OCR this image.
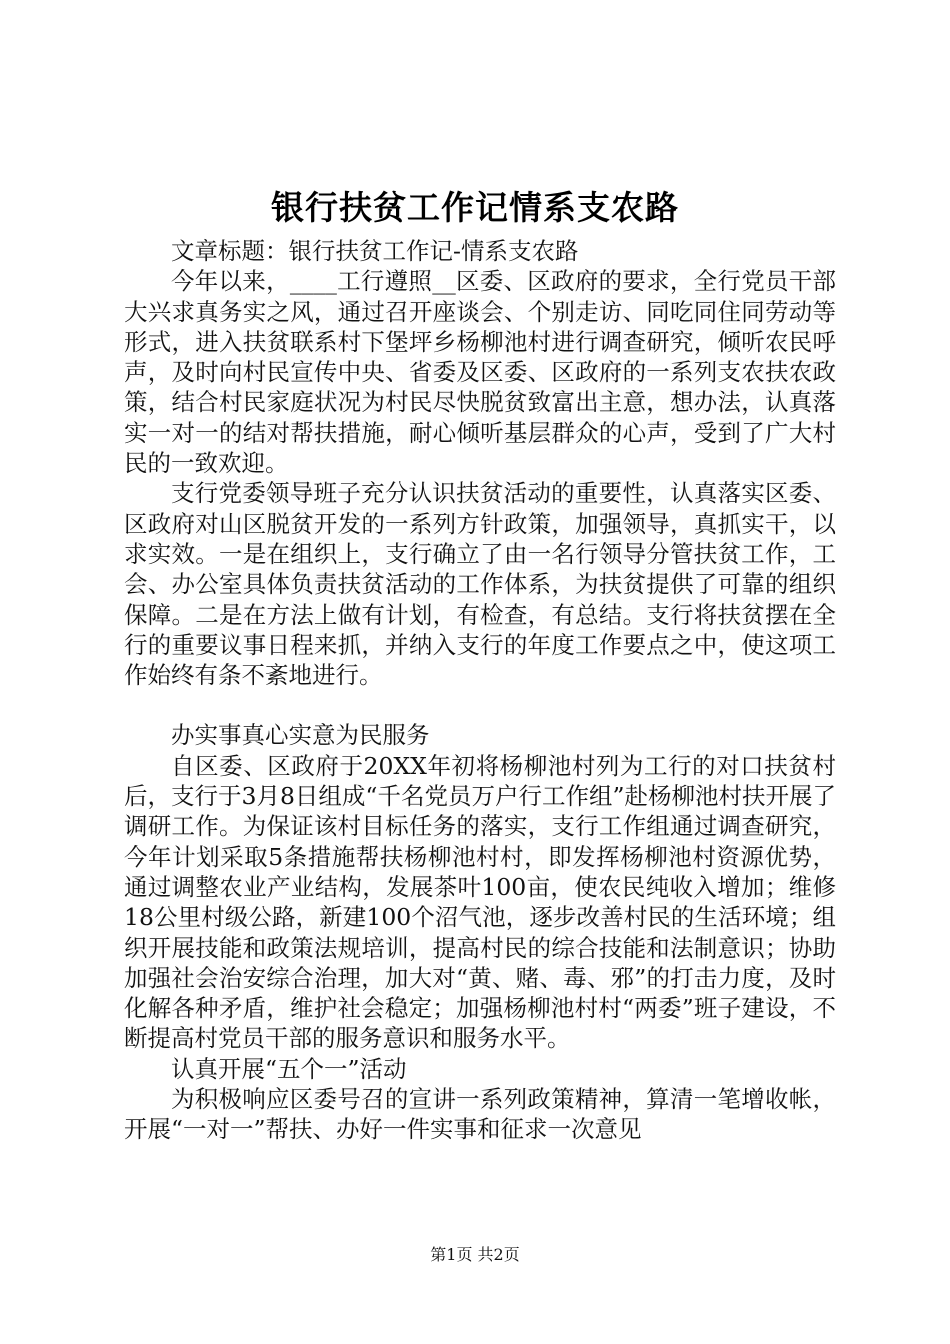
银行扶贫工作记情系支农路

文章标题：银行扶贫工作记-情系支农路

今年以来，____工行遵照__区委、区政府的要求，全行党员干部大兴求真务实之风，通过召开座谈会、个别走访、同吃同住同劳动等形式，进入扶贫联系村下堡坪乡杨柳池村进行调查研究，倾听农民呼声，及时向村民宣传中央、省委及区委、区政府的一系列支农扶农政策，结合村民家庭状况为村民尽快脱贫致富出主意，想办法，认真落实一对一的结对帮扶措施，耐心倾听基层群众的心声，受到了广大村民的一致欢迎。

支行党委领导班子充分认识扶贫活动的重要性，认真落实区委、区政府对山区脱贫开发的一系列方针政策，加强领导，真抓实干，以求实效。一是在组织上，支行确立了由一名行领导分管扶贫工作，工会、办公室具体负责扶贫活动的工作体系，为扶贫提供了可靠的组织保障。二是在方法上做有计划，有检查，有总结。支行将扶贫摆在全行的重要议事日程来抓，并纳入支行的年度工作要点之中，使这项工作始终有条不紊地进行。

办实事真心实意为民服务

自区委、区政府于20XX年初将杨柳池村列为工行的对口扶贫村后，支行于3月8日组成“千名党员万户行工作组”赴杨柳池村扶开展了调研工作。为保证该村目标任务的落实，支行工作组通过调查研究，今年计划采取5条措施帮扶杨柳池村村，即发挥杨柳池村资源优势，通过调整农业产业结构，发展茶叶100亩，使农民纯收入增加；维修18公里村级公路，新建100个沼气池，逐步改善村民的生活环境；组织开展技能和政策法规培训，提高村民的综合技能和法制意识；协助加强社会治安综合治理，加大对“黄、赌、毒、邪”的打击力度，及时化解各种矛盾，维护社会稳定；加强杨柳池村村“两委”班子建设，不断提高村党员干部的服务意识和服务水平。

认真开展“五个一”活动

为积极响应区委号召的宣讲一系列政策精神，算清一笔增收帐，开展“一对一”帮扶、办好一件实事和征求一次意见

第1页 共2页
